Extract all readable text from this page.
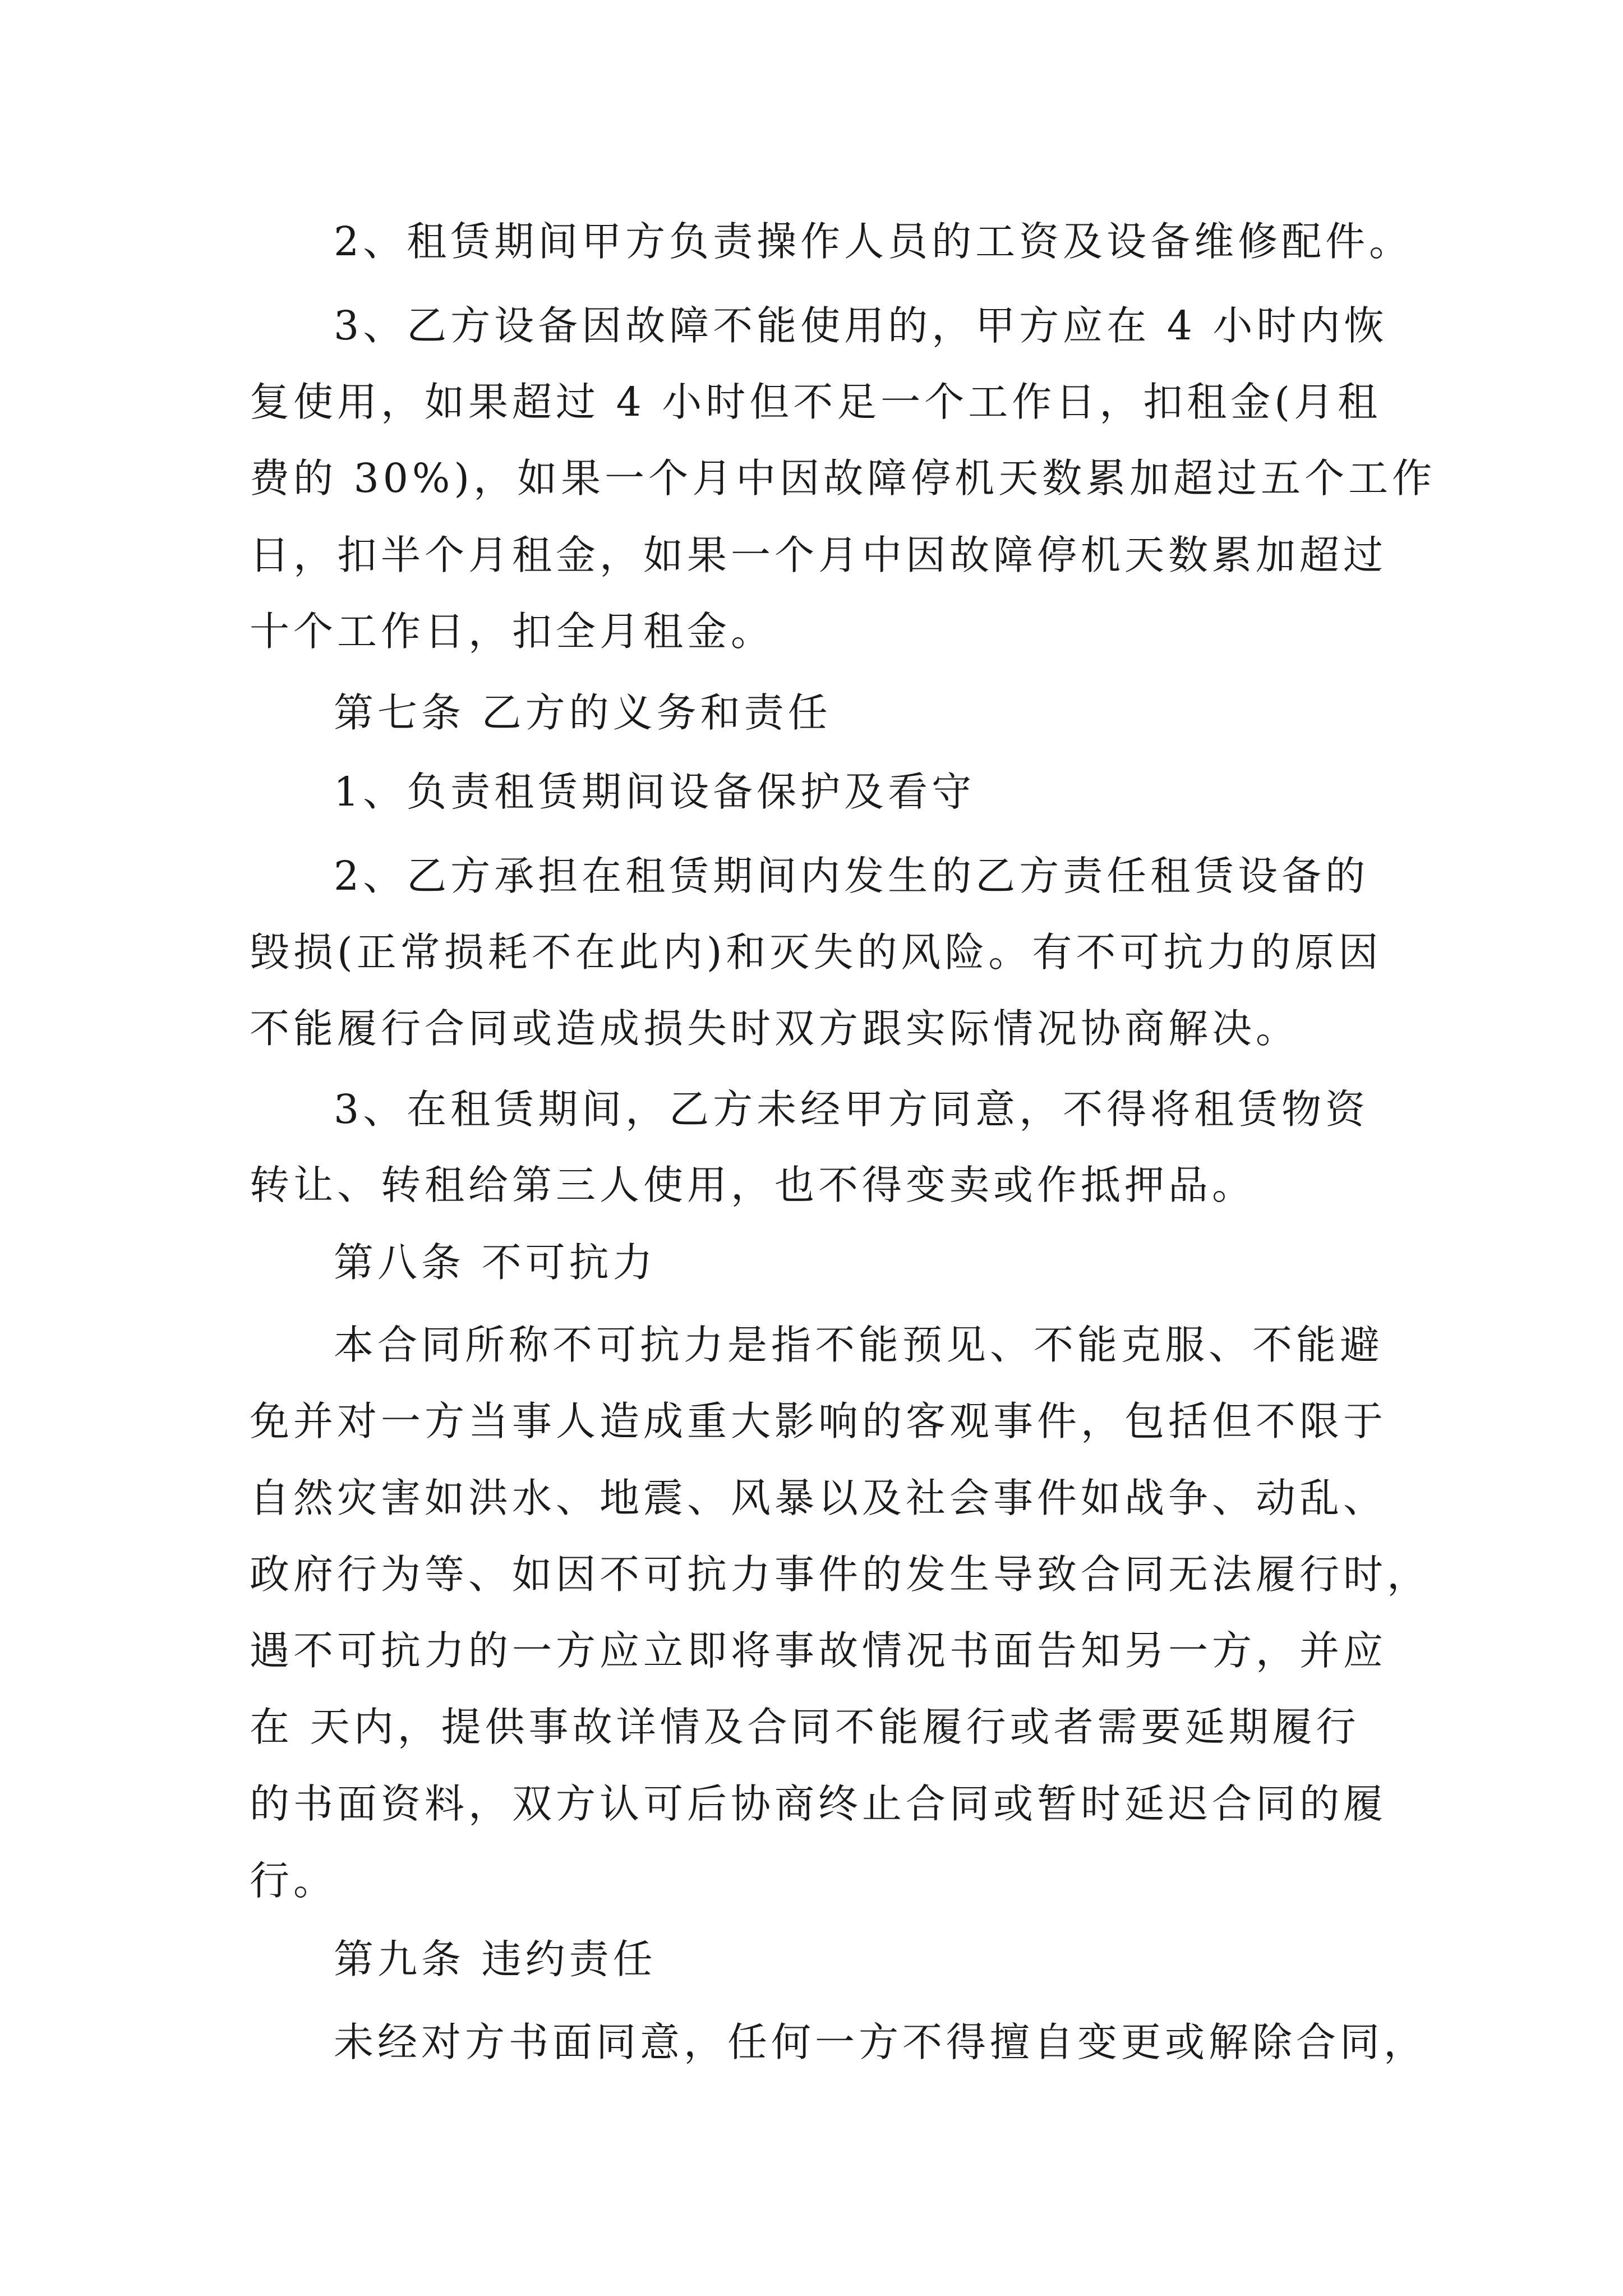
2、租赁期间甲方负责操作人员的工资及设备维修配件。

3、乙方设备因故障不能使用的，甲方应在 4 小时内恢

复使用，如果超过 4 小时但不足一个工作日，扣租金(月租

费的 30%)，如果一个月中因故障停机天数累加超过五个工作

日，扣半个月租金，如果一个月中因故障停机天数累加超过

十个工作日，扣全月租金。

第七条 乙方的义务和责任

1、负责租赁期间设备保护及看守

2、乙方承担在租赁期间内发生的乙方责任租赁设备的

毁损(正常损耗不在此内)和灭失的风险。有不可抗力的原因

不能履行合同或造成损失时双方跟实际情况协商解决。

3、在租赁期间，乙方未经甲方同意，不得将租赁物资

转让、转租给第三人使用，也不得变卖或作抵押品。

第八条 不可抗力

本合同所称不可抗力是指不能预见、不能克服、不能避

免并对一方当事人造成重大影响的客观事件，包括但不限于

自然灾害如洪水、地震、风暴以及社会事件如战争、动乱、

政府行为等、如因不可抗力事件的发生导致合同无法履行时，

遇不可抗力的一方应立即将事故情况书面告知另一方，并应

在 天内，提供事故详情及合同不能履行或者需要延期履行

的书面资料，双方认可后协商终止合同或暂时延迟合同的履

行。

第九条 违约责任

未经对方书面同意，任何一方不得擅自变更或解除合同，
